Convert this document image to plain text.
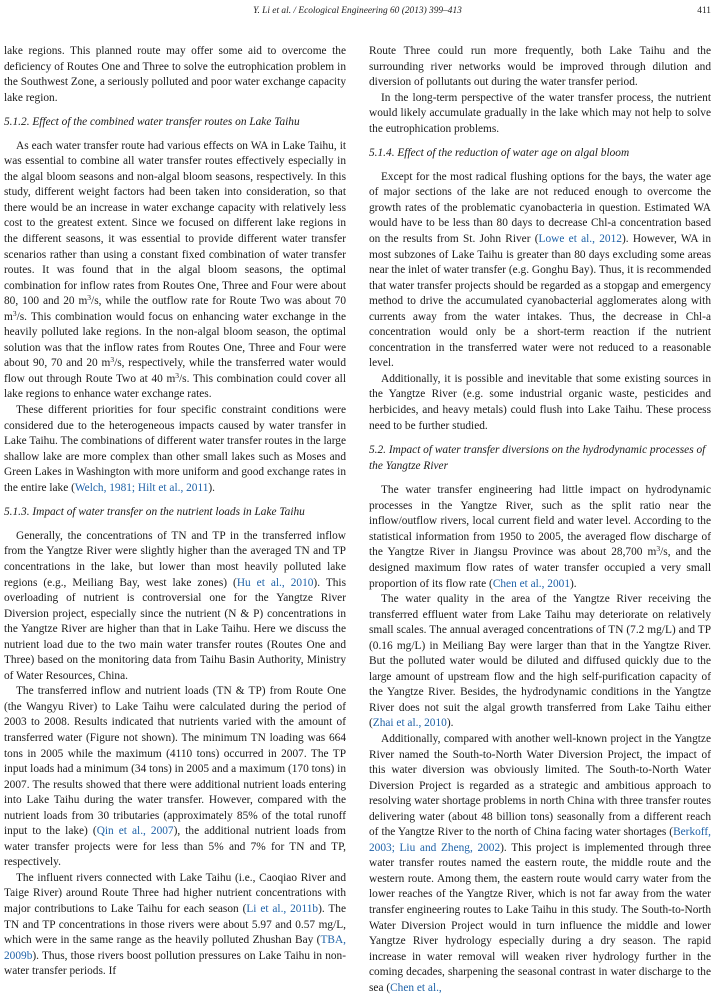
Y. Li et al. / Ecological Engineering 60 (2013) 399–413	411

lake regions. This planned route may offer some aid to overcome the deficiency of Routes One and Three to solve the eutrophication problem in the Southwest Zone, a seriously polluted and poor water exchange capacity lake region.

5.1.2. Effect of the combined water transfer routes on Lake Taihu

As each water transfer route had various effects on WA in Lake Taihu, it was essential to combine all water transfer routes effectively especially in the algal bloom seasons and non-algal bloom seasons, respectively. In this study, different weight factors had been taken into consideration, so that there would be an increase in water exchange capacity with relatively less cost to the greatest extent. Since we focused on different lake regions in the different seasons, it was essential to provide different water transfer scenarios rather than using a constant fixed combination of water transfer routes. It was found that in the algal bloom seasons, the optimal combination for inflow rates from Routes One, Three and Four were about 80, 100 and 20 $m^3/s$, while the outflow rate for Route Two was about 70 $m^3/s$. This combination would focus on enhancing water exchange in the heavily polluted lake regions. In the non-algal bloom season, the optimal solution was that the inflow rates from Routes One, Three and Four were about 90, 70 and 20 $m^3/s$, respectively, while the transferred water would flow out through Route Two at 40 $m^3/s$. This combination could cover all lake regions to enhance water exchange rates.

These different priorities for four specific constraint conditions were considered due to the heterogeneous impacts caused by water transfer in Lake Taihu. The combinations of different water transfer routes in the large shallow lake are more complex than other small lakes such as Moses and Green Lakes in Washington with more uniform and good exchange rates in the entire lake (Welch, 1981; Hilt et al., 2011).

5.1.3. Impact of water transfer on the nutrient loads in Lake Taihu

Generally, the concentrations of TN and TP in the transferred inflow from the Yangtze River were slightly higher than the averaged TN and TP concentrations in the lake, but lower than most heavily polluted lake regions (e.g., Meiliang Bay, west lake zones) (Hu et al., 2010). This overloading of nutrient is controversial one for the Yangtze River Diversion project, especially since the nutrient (N & P) concentrations in the Yangtze River are higher than that in Lake Taihu. Here we discuss the nutrient load due to the two main water transfer routes (Routes One and Three) based on the monitoring data from Taihu Basin Authority, Ministry of Water Resources, China.

The transferred inflow and nutrient loads (TN & TP) from Route One (the Wangyu River) to Lake Taihu were calculated during the period of 2003 to 2008. Results indicated that nutrients varied with the amount of transferred water (Figure not shown). The minimum TN loading was 664 tons in 2005 while the maximum (4110 tons) occurred in 2007. The TP input loads had a minimum (34 tons) in 2005 and a maximum (170 tons) in 2007. The results showed that there were additional nutrient loads entering into Lake Taihu during the water transfer. However, compared with the nutrient loads from 30 tributaries (approximately 85% of the total runoff input to the lake) (Qin et al., 2007), the additional nutrient loads from water transfer projects were for less than 5% and 7% for TN and TP, respectively.

The influent rivers connected with Lake Taihu (i.e., Caoqiao River and Taige River) around Route Three had higher nutrient concentrations with major contributions to Lake Taihu for each season (Li et al., 2011b). The TN and TP concentrations in those rivers were about 5.97 and 0.57 mg/L, which were in the same range as the heavily polluted Zhushan Bay (TBA, 2009b). Thus, those rivers boost pollution pressures on Lake Taihu in non-water transfer periods. If

Route Three could run more frequently, both Lake Taihu and the surrounding river networks would be improved through dilution and diversion of pollutants out during the water transfer period.

In the long-term perspective of the water transfer process, the nutrient would likely accumulate gradually in the lake which may not help to solve the eutrophication problems.

5.1.4. Effect of the reduction of water age on algal bloom

Except for the most radical flushing options for the bays, the water age of major sections of the lake are not reduced enough to overcome the growth rates of the problematic cyanobacteria in question. Estimated WA would have to be less than 80 days to decrease Chl-a concentration based on the results from St. John River (Lowe et al., 2012). However, WA in most subzones of Lake Taihu is greater than 80 days excluding some areas near the inlet of water transfer (e.g. Gonghu Bay). Thus, it is recommended that water transfer projects should be regarded as a stopgap and emergency method to drive the accumulated cyanobacterial agglomerates along with currents away from the water intakes. Thus, the decrease in Chl-a concentration would only be a short-term reaction if the nutrient concentration in the transferred water were not reduced to a reasonable level.

Additionally, it is possible and inevitable that some existing sources in the Yangtze River (e.g. some industrial organic waste, pesticides and herbicides, and heavy metals) could flush into Lake Taihu. These process need to be further studied.

5.2. Impact of water transfer diversions on the hydrodynamic processes of the Yangtze River

The water transfer engineering had little impact on hydrodynamic processes in the Yangtze River, such as the split ratio near the inflow/outflow rivers, local current field and water level. According to the statistical information from 1950 to 2005, the averaged flow discharge of the Yangtze River in Jiangsu Province was about 28,700 $m^3/s$, and the designed maximum flow rates of water transfer occupied a very small proportion of its flow rate (Chen et al., 2001).

The water quality in the area of the Yangtze River receiving the transferred effluent water from Lake Taihu may deteriorate on relatively small scales. The annual averaged concentrations of TN (7.2 mg/L) and TP (0.16 mg/L) in Meiliang Bay were larger than that in the Yangtze River. But the polluted water would be diluted and diffused quickly due to the large amount of upstream flow and the high self-purification capacity of the Yangtze River. Besides, the hydrodynamic conditions in the Yangtze River does not suit the algal growth transferred from Lake Taihu either (Zhai et al., 2010).

Additionally, compared with another well-known project in the Yangtze River named the South-to-North Water Diversion Project, the impact of this water diversion was obviously limited. The South-to-North Water Diversion Project is regarded as a strategic and ambitious approach to resolving water shortage problems in north China with three transfer routes delivering water (about 48 billion tons) seasonally from a different reach of the Yangtze River to the north of China facing water shortages (Berkoff, 2003; Liu and Zheng, 2002). This project is implemented through three water transfer routes named the eastern route, the middle route and the western route. Among them, the eastern route would carry water from the lower reaches of the Yangtze River, which is not far away from the water transfer engineering routes to Lake Taihu in this study. The South-to-North Water Diversion Project would in turn influence the middle and lower Yangtze River hydrology especially during a dry season. The rapid increase in water removal will weaken river hydrology further in the coming decades, sharpening the seasonal contrast in water discharge to the sea (Chen et al.,
